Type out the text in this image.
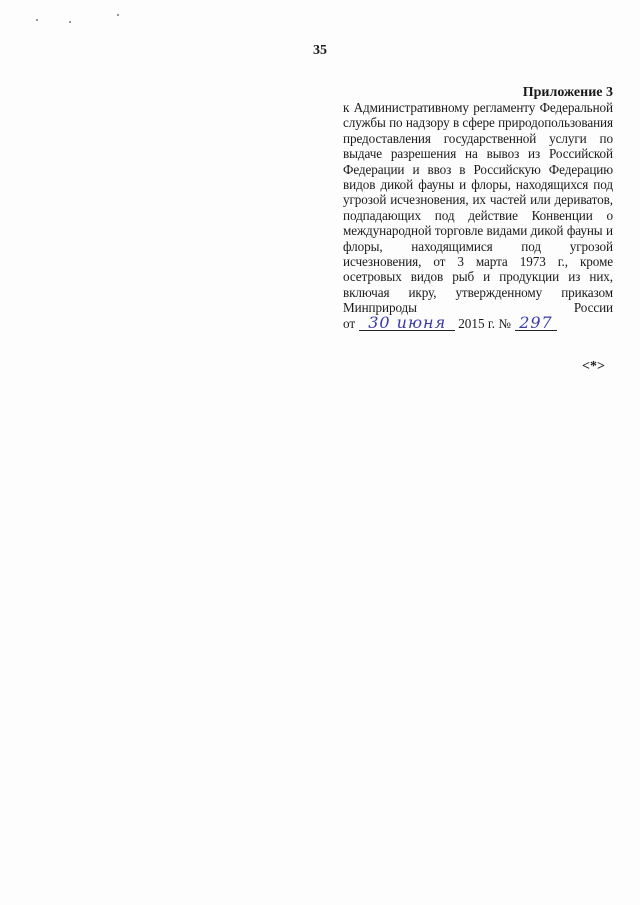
35
Приложение 3

к Административному регламенту Федеральной службы по надзору в сфере природопользования предоставления государственной услуги по выдаче разрешения на вывоз из Российской Федерации и ввоз в Российскую Федерацию видов дикой фауны и флоры, находящихся под угрозой исчезновения, их частей или дериватов, подпадающих под действие Конвенции о международной торговле видами дикой фауны и флоры, находящимися под угрозой исчезновения, от 3 марта 1973 г., кроме осетровых видов рыб и продукции из них, включая икру, утвержденному приказом Минприроды России

от 30 июня 2015 г. № 297
<*>
